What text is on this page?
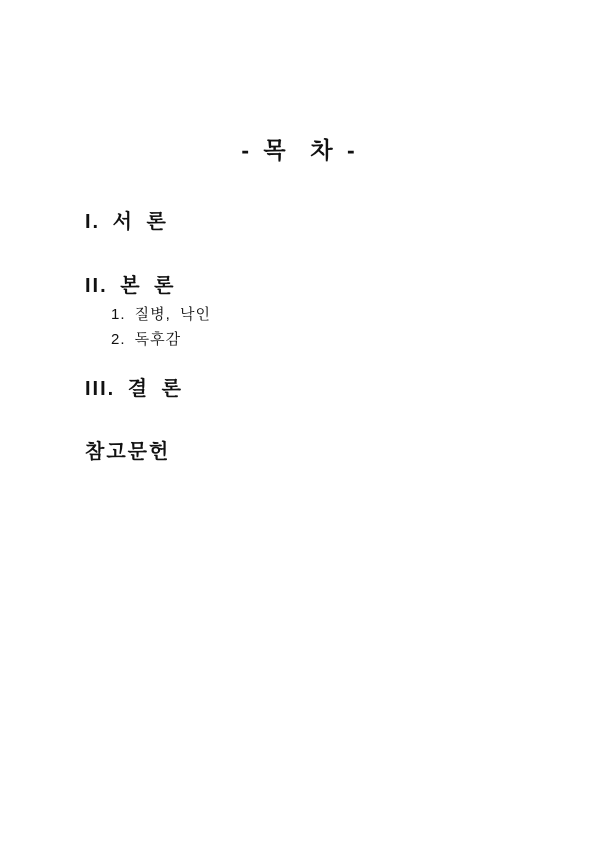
- 목  차 -
I. 서 론
II. 본 론
1. 질병, 낙인
2. 독후감
III. 결 론
참고문헌
